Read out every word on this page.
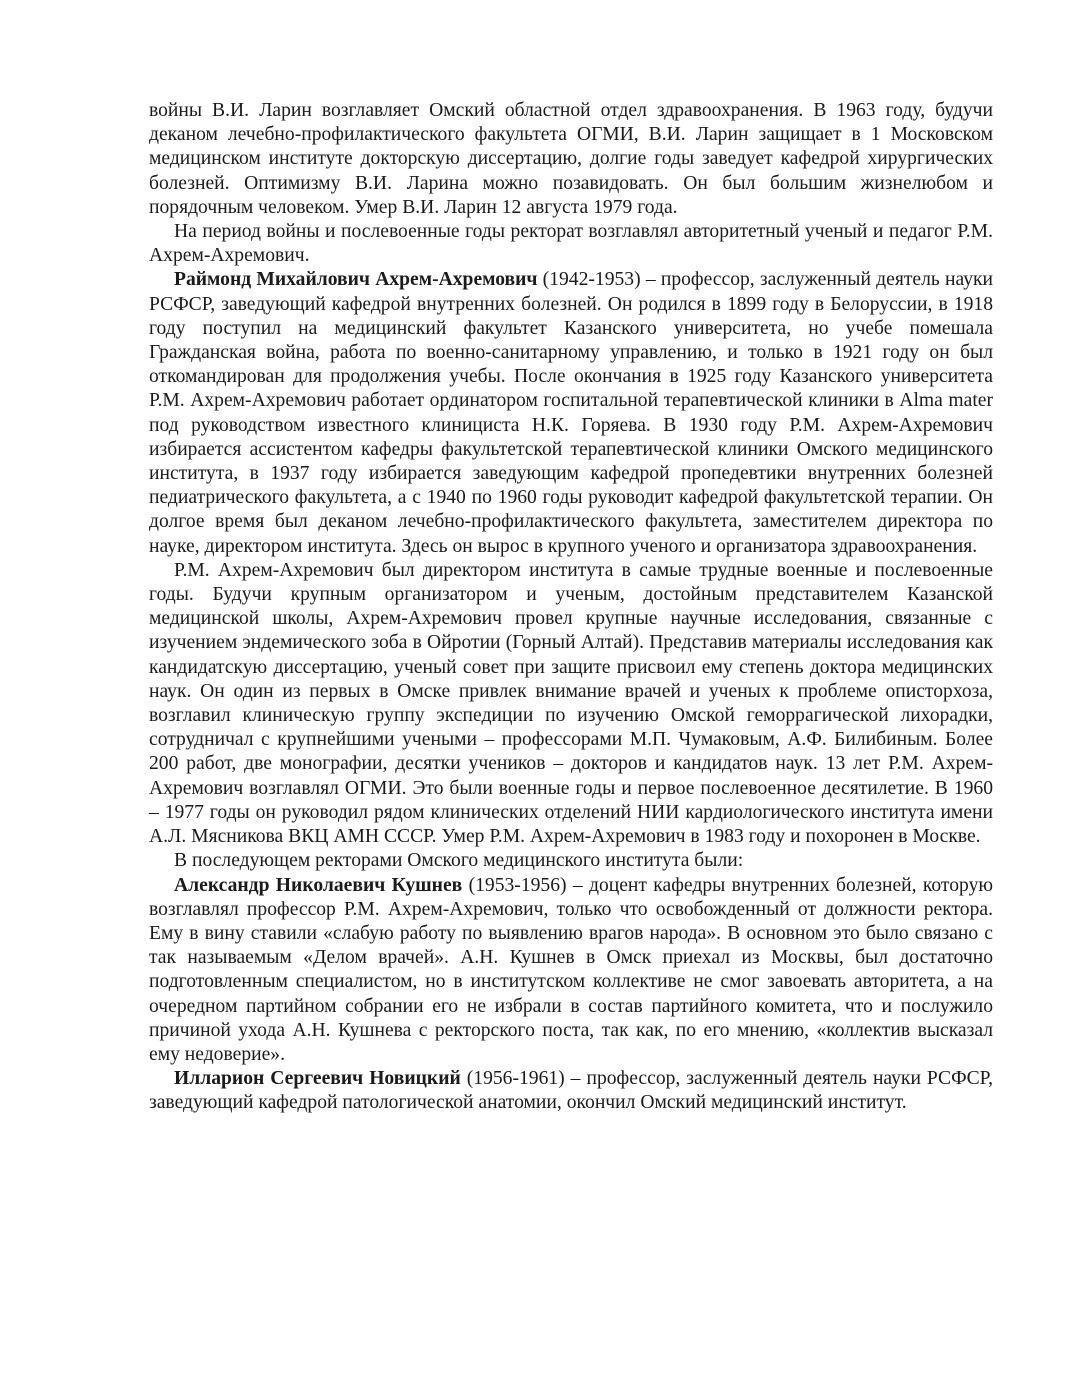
войны В.И. Ларин возглавляет Омский областной отдел здравоохранения. В 1963 году, будучи деканом лечебно-профилактического факультета ОГМИ, В.И. Ларин защищает в 1 Московском медицинском институте докторскую диссертацию, долгие годы заведует кафедрой хирургических болезней. Оптимизму В.И. Ларина можно позавидовать. Он был большим жизнелюбом и порядочным человеком. Умер В.И. Ларин 12 августа 1979 года.

На период войны и послевоенные годы ректорат возглавлял авторитетный ученый и педагог Р.М. Ахрем-Ахремович.

Раймонд Михайлович Ахрем-Ахремович (1942-1953) – профессор, заслуженный деятель науки РСФСР, заведующий кафедрой внутренних болезней. Он родился в 1899 году в Белоруссии, в 1918 году поступил на медицинский факультет Казанского университета, но учебе помешала Гражданская война, работа по военно-санитарному управлению, и только в 1921 году он был откомандирован для продолжения учебы. После окончания в 1925 году Казанского университета Р.М. Ахрем-Ахремович работает ординатором госпитальной терапевтической клиники в Alma mater под руководством известного клинициста Н.К. Горяева. В 1930 году Р.М. Ахрем-Ахремович избирается ассистентом кафедры факультетской терапевтической клиники Омского медицинского института, в 1937 году избирается заведующим кафедрой пропедевтики внутренних болезней педиатрического факультета, а с 1940 по 1960 годы руководит кафедрой факультетской терапии. Он долгое время был деканом лечебно-профилактического факультета, заместителем директора по науке, директором института. Здесь он вырос в крупного ученого и организатора здравоохранения.

Р.М. Ахрем-Ахремович был директором института в самые трудные военные и послевоенные годы. Будучи крупным организатором и ученым, достойным представителем Казанской медицинской школы, Ахрем-Ахремович провел крупные научные исследования, связанные с изучением эндемического зоба в Ойротии (Горный Алтай). Представив материалы исследования как кандидатскую диссертацию, ученый совет при защите присвоил ему степень доктора медицинских наук. Он один из первых в Омске привлек внимание врачей и ученых к проблеме описторхоза, возглавил клиническую группу экспедиции по изучению Омской геморрагической лихорадки, сотрудничал с крупнейшими учеными – профессорами М.П. Чумаковым, А.Ф. Билибиным. Более 200 работ, две монографии, десятки учеников – докторов и кандидатов наук. 13 лет Р.М. Ахрем-Ахремович возглавлял ОГМИ. Это были военные годы и первое послевоенное десятилетие. В 1960 – 1977 годы он руководил рядом клинических отделений НИИ кардиологического института имени А.Л. Мясникова ВКЦ АМН СССР. Умер Р.М. Ахрем-Ахремович в 1983 году и похоронен в Москве.

В последующем ректорами Омского медицинского института были:

Александр Николаевич Кушнев (1953-1956) – доцент кафедры внутренних болезней, которую возглавлял профессор Р.М. Ахрем-Ахремович, только что освобожденный от должности ректора. Ему в вину ставили «слабую работу по выявлению врагов народа». В основном это было связано с так называемым «Делом врачей». А.Н. Кушнев в Омск приехал из Москвы, был достаточно подготовленным специалистом, но в институтском коллективе не смог завоевать авторитета, а на очередном партийном собрании его не избрали в состав партийного комитета, что и послужило причиной ухода А.Н. Кушнева с ректорского поста, так как, по его мнению, «коллектив высказал ему недоверие».

Илларион Сергеевич Новицкий (1956-1961) – профессор, заслуженный деятель науки РСФСР, заведующий кафедрой патологической анатомии, окончил Омский медицинский институт.
